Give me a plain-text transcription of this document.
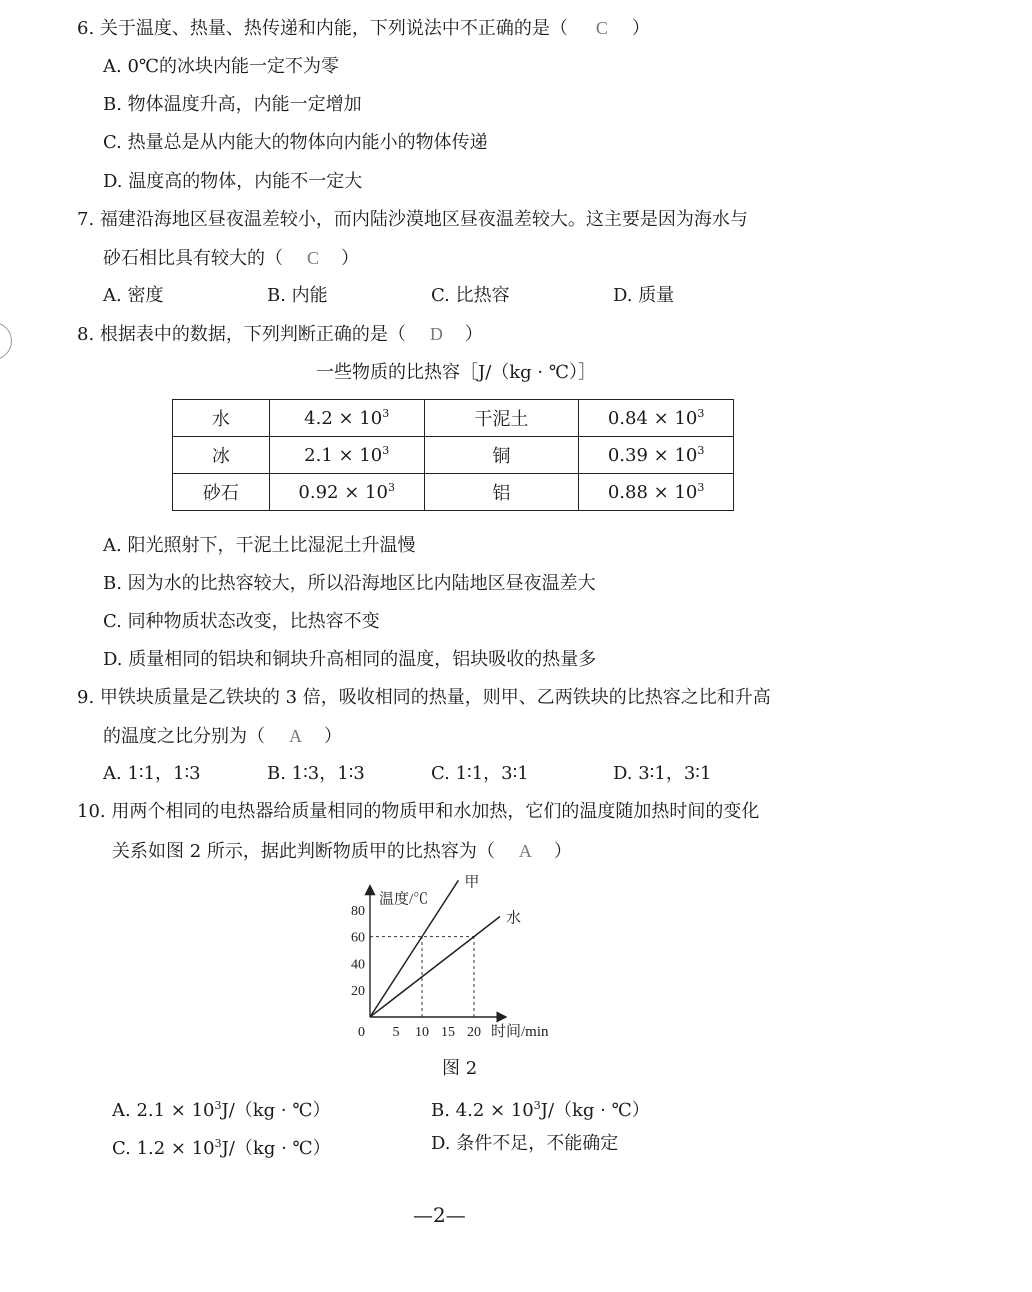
6. 关于温度、热量、热传递和内能，下列说法中不正确的是（ C ）
A. 0℃的冰块内能一定不为零
B. 物体温度升高，内能一定增加
C. 热量总是从内能大的物体向内能小的物体传递
D. 温度高的物体，内能不一定大
7. 福建沿海地区昼夜温差较小，而内陆沙漠地区昼夜温差较大。这主要是因为海水与
砂石相比具有较大的（ C ）
A. 密度	B. 内能	C. 比热容	D. 质量
8. 根据表中的数据，下列判断正确的是（ D ）
一些物质的比热容［J/（kg · ℃）］
水	$4.2 \times 10^3$	干泥土	$0.84 \times 10^3$
冰	$2.1 \times 10^3$	铜	$0.39 \times 10^3$
砂石	$0.92 \times 10^3$	铝	$0.88 \times 10^3$
A. 阳光照射下，干泥土比湿泥土升温慢
B. 因为水的比热容较大，所以沿海地区比内陆地区昼夜温差大
C. 同种物质状态改变，比热容不变
D. 质量相同的铝块和铜块升高相同的温度，铝块吸收的热量多
9. 甲铁块质量是乙铁块的 3 倍，吸收相同的热量，则甲、乙两铁块的比热容之比和升高
的温度之比分别为（ A ）
A. 1∶1，1∶3	B. 1∶3，1∶3	C. 1∶1，3∶1	D. 3∶1，3∶1
10. 用两个相同的电热器给质量相同的物质甲和水加热，它们的温度随加热时间的变化
关系如图 2 所示，据此判断物质甲的比热容为（ A ）
甲
水
5 10 15 20
20
40
60
80
温度/℃
时间/min
0
图 2
A. $2.1 \times 10^3J/(kg$ · ℃）	B. $4.2 \times 10^3J/(kg$ · ℃）
C. $1.2 \times 10^3J/(kg$ · ℃）	D. 条件不足，不能确定
—2—
